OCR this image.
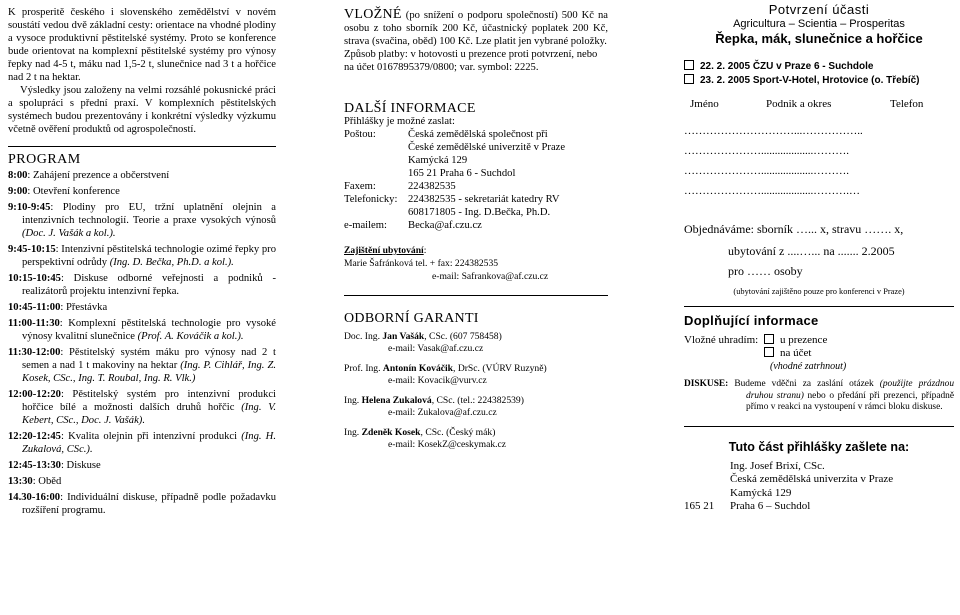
K prosperitě českého i slovenského zemědělství v novém soustátí vedou dvě základní cesty: orientace na vhodné plodiny a vysoce produktivní pěstitelské systémy. Proto se konference bude orientovat na komplexní pěstitelské systémy pro výnosy řepky nad 4-5 t, máku nad 1,5-2 t, slunečnice nad 3 t a hořčice nad 2 t na hektar.

Výsledky jsou založeny na velmi rozsáhlé pokusnické práci a spolupráci s přední praxí. V komplexních pěstitelských systémech budou prezentovány i konkrétní výsledky výzkumu včetně ověření produktů od agrospolečností.

PROGRAM
8:00: Zahájení prezence a občerstvení
9:00: Otevření konference
9:10-9:45: Plodiny pro EU, tržní uplatnění olejnin a intenzivních technologií. Teorie a praxe vysokých výnosů (Doc. J. Vašák a kol.).
9:45-10:15: Intenzivní pěstitelská technologie ozimé řepky pro perspektivní odrůdy (Ing. D. Bečka, Ph.D. a kol.).
10:15-10:45: Diskuse odborné veřejnosti a podniků - realizátorů projektu intenzivní řepka.
10:45-11:00: Přestávka
11:00-11:30: Komplexní pěstitelská technologie pro vysoké výnosy kvalitní slunečnice (Prof. A. Kováčik a kol.).
11:30-12:00: Pěstitelský systém máku pro výnosy nad 2 t semen a nad 1 t makoviny na hektar (Ing. P. Cihlář, Ing. Z. Kosek, CSc., Ing. T. Roubal, Ing. R. Vlk.)
12:00-12:20: Pěstitelský systém pro intenzivní produkci hořčice bílé a možnosti dalších druhů hořčic (Ing. V. Kebert, CSc., Doc. J. Vašák).
12:20-12:45: Kvalita olejnin při intenzivní produkci (Ing. H. Zukalová, CSc.).
12:45-13:30: Diskuse
13:30: Oběd
14.30-16:00: Individuální diskuse, případně podle požadavku rozšíření programu.

VLOŽNÉ (po snížení o podporu společností) 500 Kč na osobu z toho sborník 200 Kč, účastnický poplatek 200 Kč, strava (svačina, oběd) 100 Kč. Lze platit jen vybrané položky.

Způsob platby: v hotovosti u prezence proti potvrzení, nebo na účet 0167895379/0800; var. symbol: 2225.

DALŠÍ INFORMACE
Přihlášky je možné zaslat:
Poštou:	Česká zemědělská společnost při
České zemědělské univerzitě v Praze
Kamýcká 129
165 21 Praha 6 - Suchdol
Faxem:	224382535
Telefonicky:	224382535 - sekretariát katedry RV
608171805 - Ing. D.Bečka, Ph.D.
e-mailem:	Becka@af.czu.cz
Zajištění ubytování:
Marie Šafránková tel. + fax: 224382535
e-mail: Safrankova@af.czu.cz
ODBORNÍ GARANTI
Doc. Ing. Jan Vašák, CSc. (607 758458)
e-mail: Vasak@af.czu.cz
Prof. Ing. Antonín Kováčik, DrSc. (VÚRV Ruzyně)
e-mail: Kovacik@vurv.cz
Ing. Helena Zukalová, CSc. (tel.: 224382539)
e-mail: Zukalova@af.czu.cz
Ing. Zdeněk Kosek, CSc. (Český mák)
e-mail: KosekZ@ceskymak.cz
Potvrzení účasti
Agricultura – Scientia – Prosperitas
Řepka, mák, slunečnice a hořčice
22. 2. 2005 ČZU v Praze 6 - Suchdole
23. 2. 2005 Sport-V-Hotel, Hrotovice (o. Třebíč)
Jméno	Podnik a okres	Telefon
…………………………...……………..
…………………...................……….
…………………...................……….
…………………...................……….…
Objednáváme: sborník …... x, stravu ……. x,
ubytování z ....…... na ....... 2.2005
pro …… osoby
(ubytování zajištěno pouze pro konferenci v Praze)
Doplňující informace
Vložné uhradím:	u prezence
na účet
(vhodné zatrhnout)

DISKUSE: Budeme vděčni za zaslání otázek (použijte prázdnou druhou stranu) nebo o předání při prezenci, případně přímo v reakci na vystoupení v rámci bloku diskuse.

Tuto část přihlášky zašlete na:
Ing. Josef Brixí, CSc.
Česká zemědělská univerzita v Praze
Kamýcká 129
165 21	Praha 6 – Suchdol
